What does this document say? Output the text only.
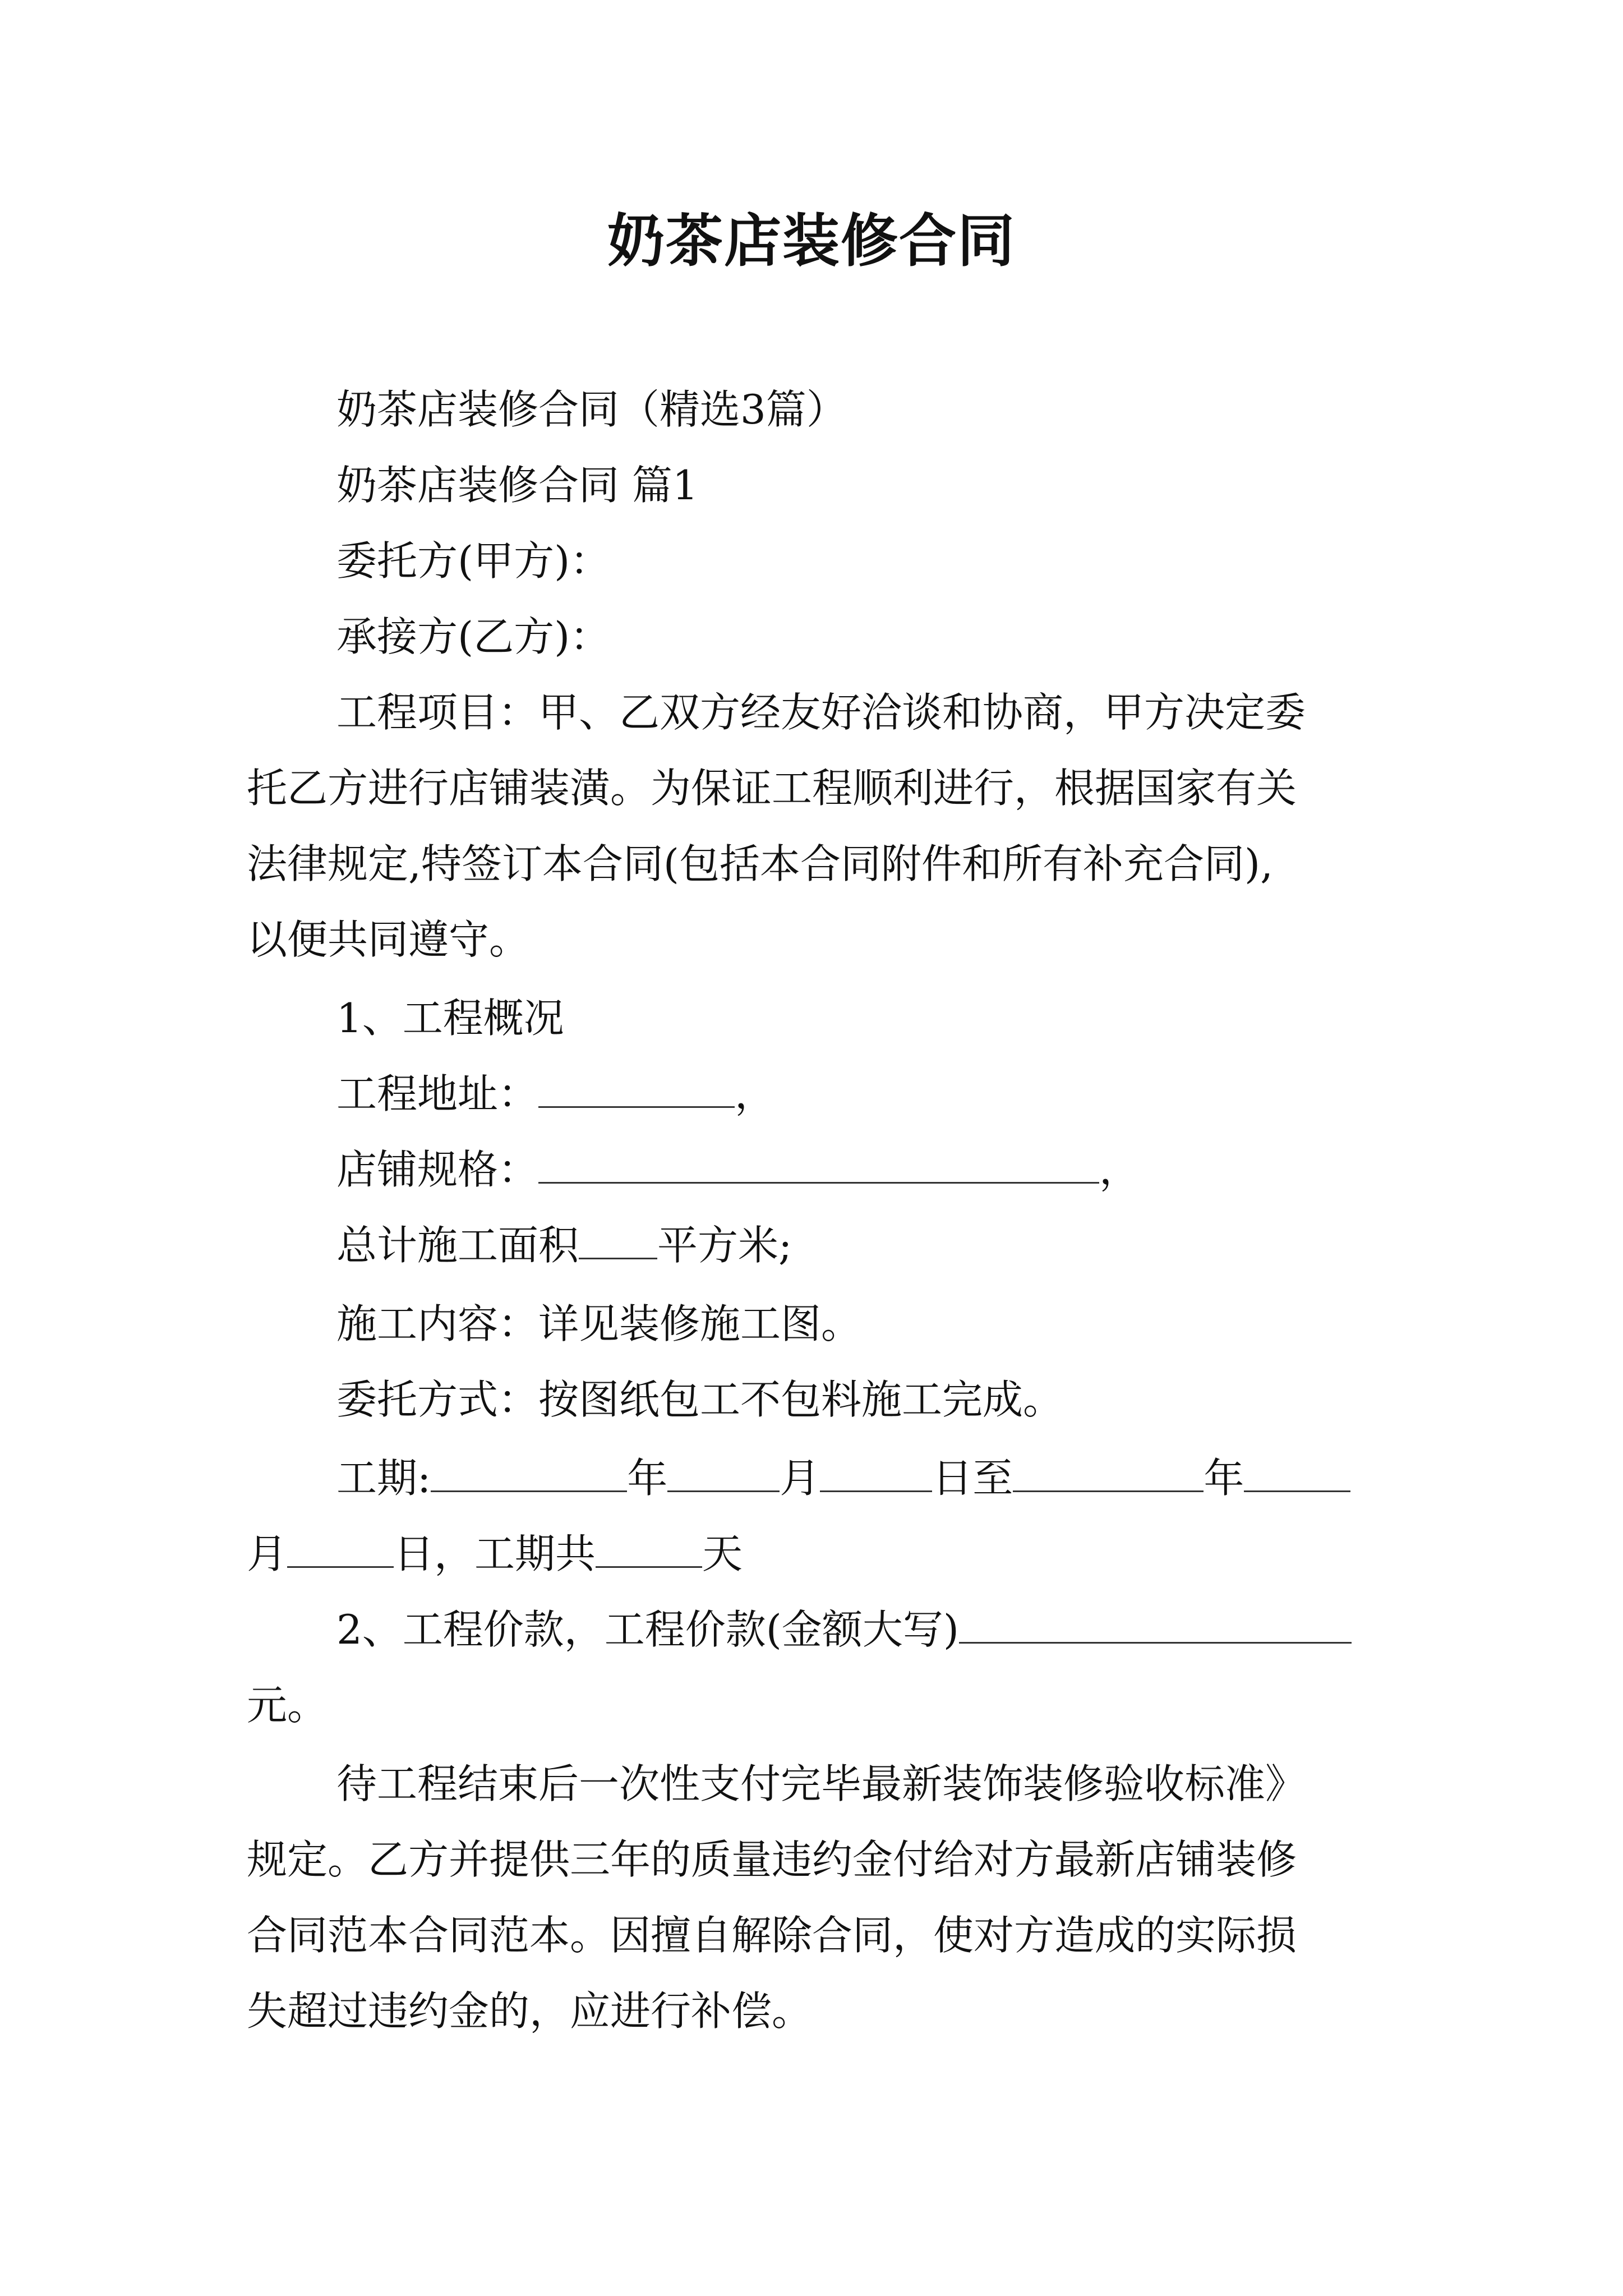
奶茶店装修合同
奶茶店装修合同（精选3篇）
奶茶店装修合同 篇1
委托方(甲方)：
承接方(乙方)：
工程项目：甲、乙双方经友好洽谈和协商，甲方决定委
托乙方进行店铺装潢。为保证工程顺利进行，根据国家有关
法律规定,特签订本合同(包括本合同附件和所有补充合同),
以便共同遵守。
1、工程概况
工程地址：	，
店铺规格：	，
总计施工面积 平方米;
施工内容：详见装修施工图。
委托方式：按图纸包工不包料施工完成。
工期:	年	月	日至	年
月	日，工期共	天
2、工程价款，工程价款(金额大写)
元。
待工程结束后一次性支付完毕最新装饰装修验收标准》
规定。乙方并提供三年的质量违约金付给对方最新店铺装修
合同范本合同范本。因擅自解除合同，使对方造成的实际损
失超过违约金的，应进行补偿。
